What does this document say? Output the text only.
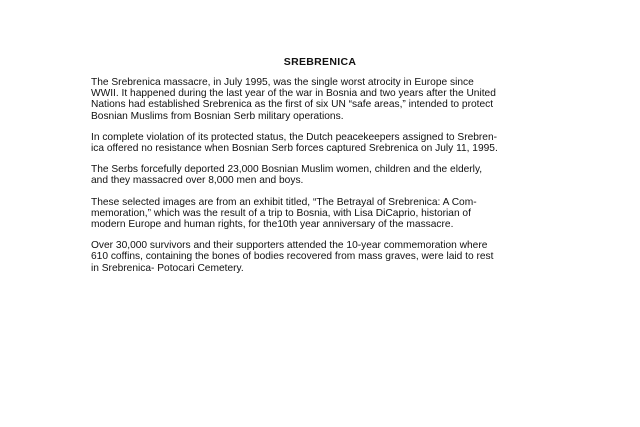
SREBRENICA

The Srebrenica massacre, in July 1995, was the single worst atrocity in Europe since
WWII. It happened during the last year of the war in Bosnia and two years after the United
Nations had established Srebrenica as the first of six UN “safe areas,” intended to protect
Bosnian Muslims from Bosnian Serb military operations.

In complete violation of its protected status, the Dutch peacekeepers assigned to Srebren-
ica offered no resistance when Bosnian Serb forces captured Srebrenica on July 11, 1995.

The Serbs forcefully deported 23,000 Bosnian Muslim women, children and the elderly,
and they massacred over 8,000 men and boys.

These selected images are from an exhibit titled, “The Betrayal of Srebrenica: A Com-
memoration,” which was the result of a trip to Bosnia, with Lisa DiCaprio, historian of
modern Europe and human rights, for the10th year anniversary of the massacre.

Over 30,000 survivors and their supporters attended the 10-year commemoration where
610 coffins, containing the bones of bodies recovered from mass graves, were laid to rest
in Srebrenica- Potocari Cemetery.
